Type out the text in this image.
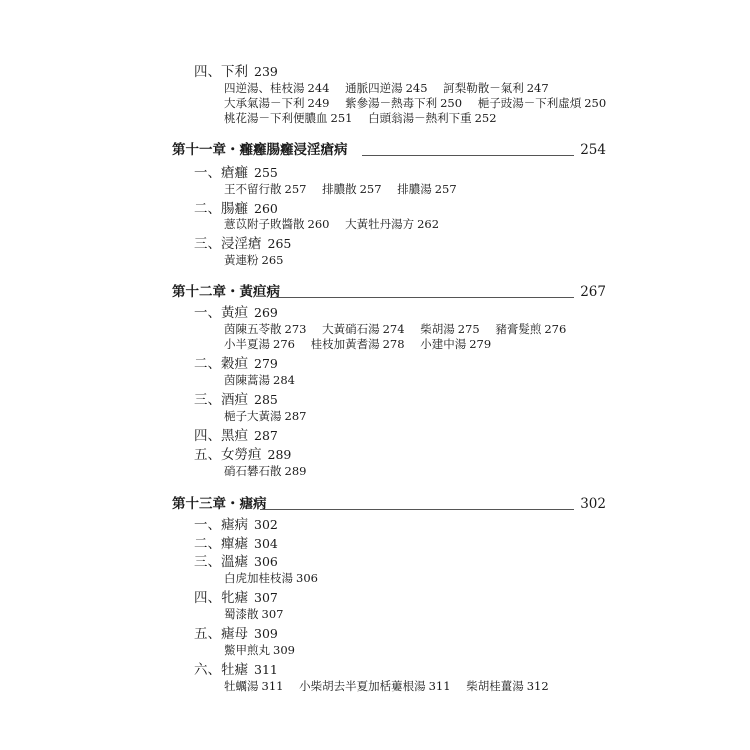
四、下利 239
四逆湯、桂枝湯 244 通脈四逆湯 245 訶梨勒散－氣利 247
大承氣湯－下利 249 紫參湯－熱毒下利 250 梔子豉湯－下利虛煩 250
桃花湯－下利便膿血 251 白頭翁湯－熱利下重 252
第十一章・癰癰腸癰浸淫瘡病	254
一、瘡癰 255
王不留行散 257 排膿散 257 排膿湯 257
二、腸癰 260
薏苡附子敗醬散 260 大黃牡丹湯方 262
三、浸淫瘡 265
黃連粉 265
第十二章・黃疸病	267
一、黃疸 269
茵陳五苓散 273 大黃硝石湯 274 柴胡湯 275 豬膏髮煎 276
小半夏湯 276 桂枝加黃耆湯 278 小建中湯 279
二、穀疸 279
茵陳蒿湯 284
三、酒疸 285
梔子大黃湯 287
四、黑疸 287
五、女勞疸 289
硝石礬石散 289
第十三章・瘧病	302
一、瘧病 302
二、癉瘧 304
三、溫瘧 306
白虎加桂枝湯 306
四、牝瘧 307
蜀漆散 307
五、瘧母 309
鱉甲煎丸 309
六、牡瘧 311
牡蠣湯 311 小柴胡去半夏加栝蔞根湯 311 柴胡桂薑湯 312
